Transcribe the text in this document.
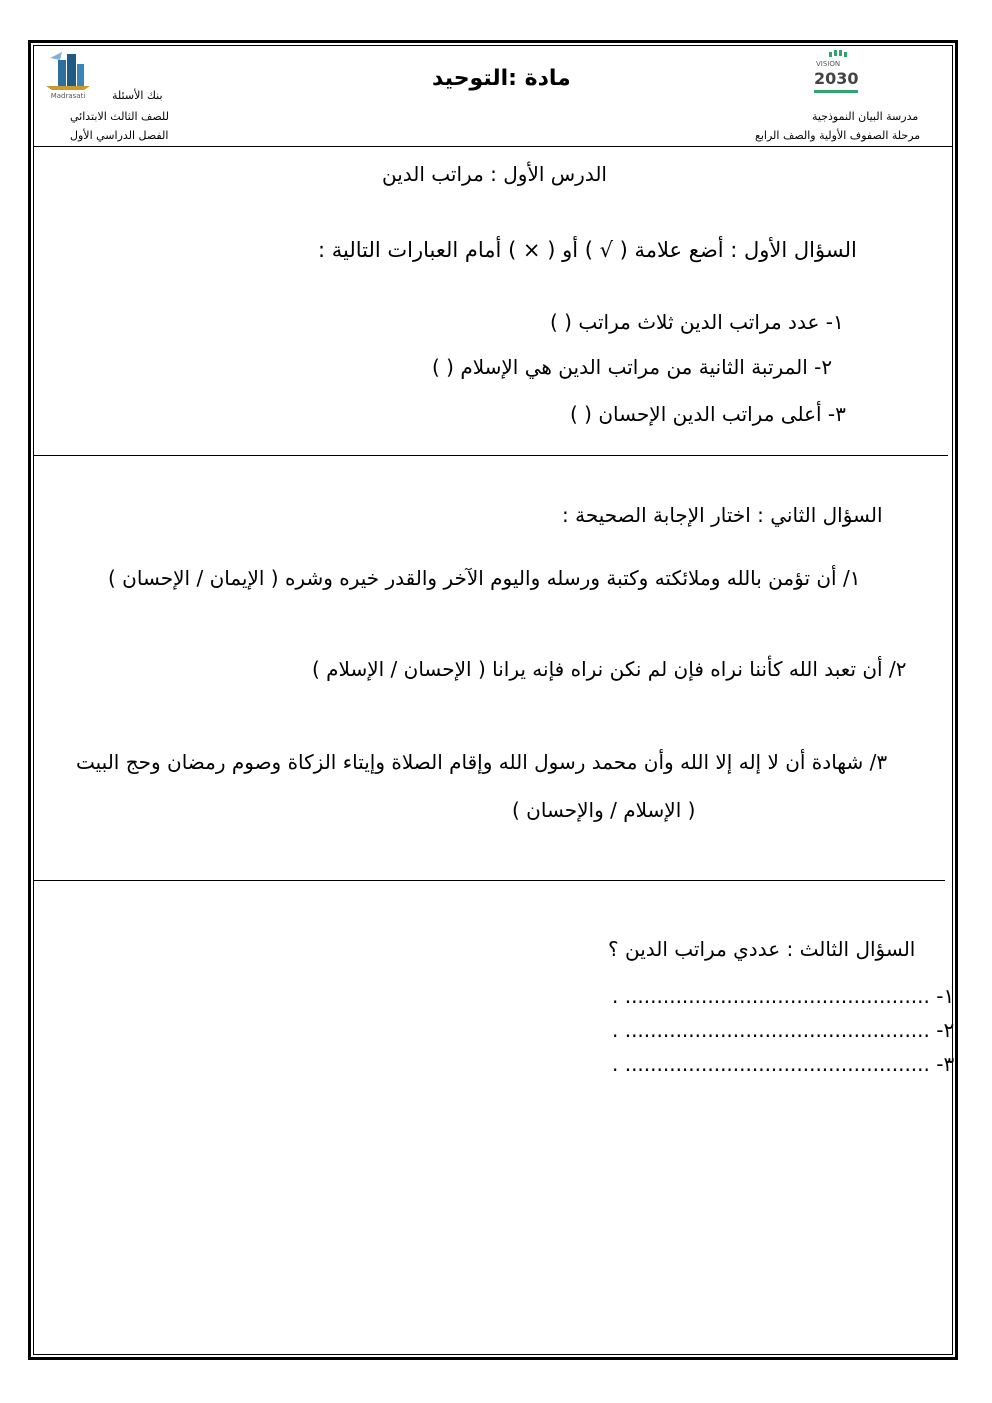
Madrasati بنك الأسئلة
للصف الثالث الابتدائي
الفصل الدراسي الأول
مادة :التوحيد
VISION
2030
مدرسة البيان النموذجية
مرحلة الصفوف الأولية والصف الرابع
الدرس الأول : مراتب الدين
السؤال الأول : أضع علامة ( √ ) أو ( × ) أمام العبارات التالية :
١- عدد مراتب الدين ثلاث مراتب ( )
٢- المرتبة الثانية من مراتب الدين هي الإسلام ( )
٣- أعلى مراتب الدين الإحسان ( )
السؤال الثاني : اختار الإجابة الصحيحة :
١/ أن تؤمن بالله وملائكته وكتبة ورسله واليوم الآخر والقدر خيره وشره ( الإيمان / الإحسان )
٢/ أن تعبد الله كأننا نراه فإن لم نكن نراه فإنه يرانا ( الإحسان / الإسلام )
٣/ شهادة أن لا إله إلا الله وأن محمد رسول الله وإقام الصلاة وإيتاء الزكاة وصوم رمضان وحج البيت
( الإسلام / والإحسان )
السؤال الثالث : عددي مراتب الدين ؟
١- ................................................ .
٢- ................................................ .
٣- ................................................ .
